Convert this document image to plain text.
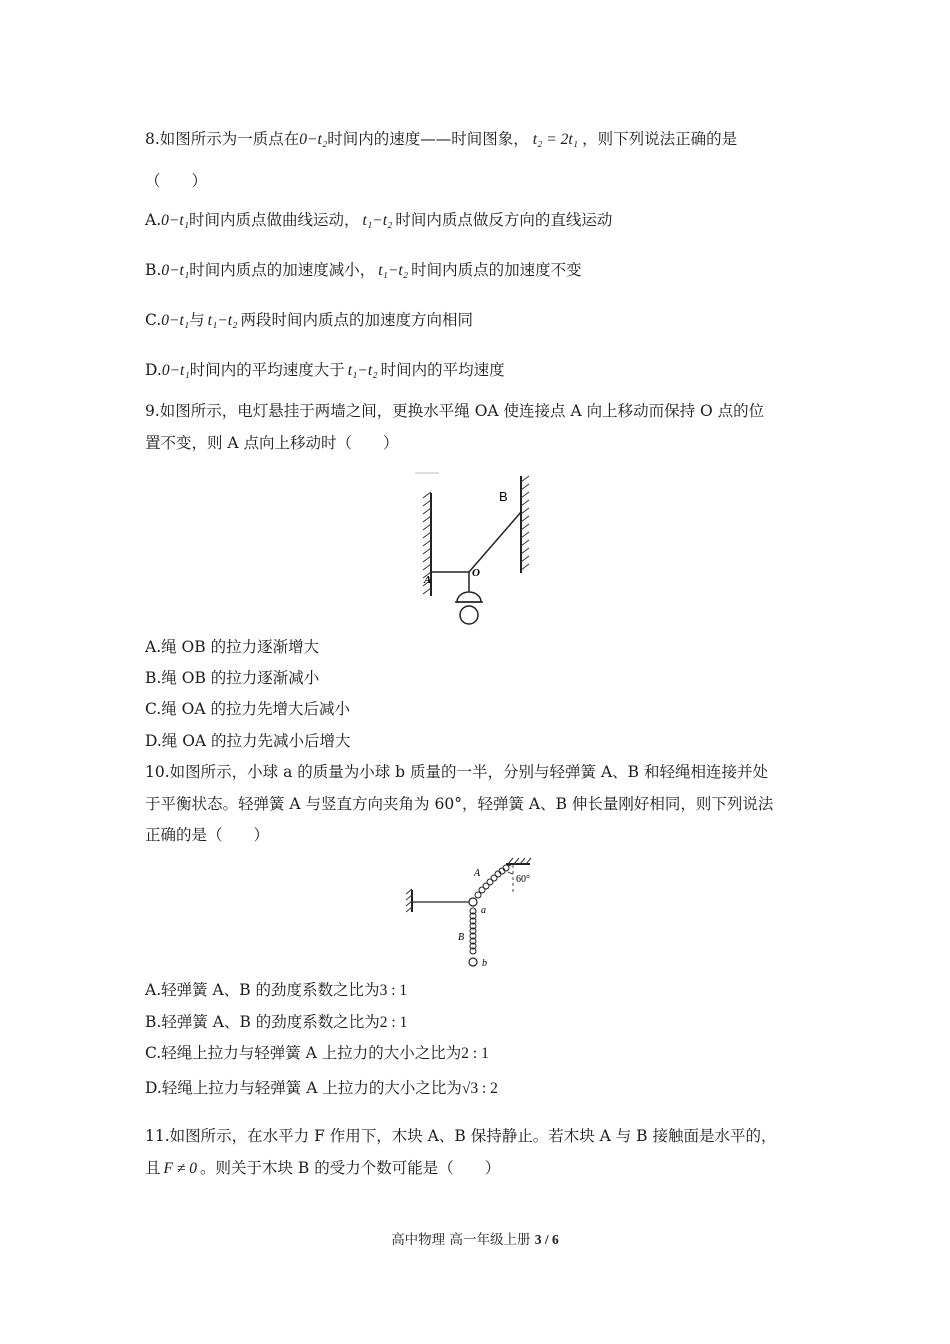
8.如图所示为一质点在0−t₂时间内的速度——时间图象， t₂ = 2t₁ ，则下列说法正确的是
（　　）
A.0−t₁时间内质点做曲线运动， t₁−t₂ 时间内质点做反方向的直线运动
B.0−t₁时间内质点的加速度减小， t₁−t₂ 时间内质点的加速度不变
C.0−t₁与 t₁−t₂ 两段时间内质点的加速度方向相同
D.0−t₁时间内的平均速度大于 t₁−t₂ 时间内的平均速度
9.如图所示，电灯悬挂于两墙之间，更换水平绳 OA 使连接点 A 向上移动而保持 O 点的位
置不变，则 A 点向上移动时（　　）
A
O
B
A.绳 OB 的拉力逐渐增大
B.绳 OB 的拉力逐渐减小
C.绳 OA 的拉力先增大后减小
D.绳 OA 的拉力先减小后增大
10.如图所示，小球 a 的质量为小球 b 质量的一半，分别与轻弹簧 A、B 和轻绳相连接并处
于平衡状态。轻弹簧 A 与竖直方向夹角为 60°，轻弹簧 A、B 伸长量刚好相同，则下列说法
正确的是（　　）
60°
A
a
B
b
A.轻弹簧 A、B 的劲度系数之比为3 : 1
B.轻弹簧 A、B 的劲度系数之比为2 : 1
C.轻绳上拉力与轻弹簧 A 上拉力的大小之比为2 : 1
D.轻绳上拉力与轻弹簧 A 上拉力的大小之比为√3 : 2
11.如图所示，在水平力 F 作用下，木块 A、B 保持静止。若木块 A 与 B 接触面是水平的，
且 F ≠ 0 。则关于木块 B 的受力个数可能是（　　）
高中物理 高一年级上册 3 / 6
